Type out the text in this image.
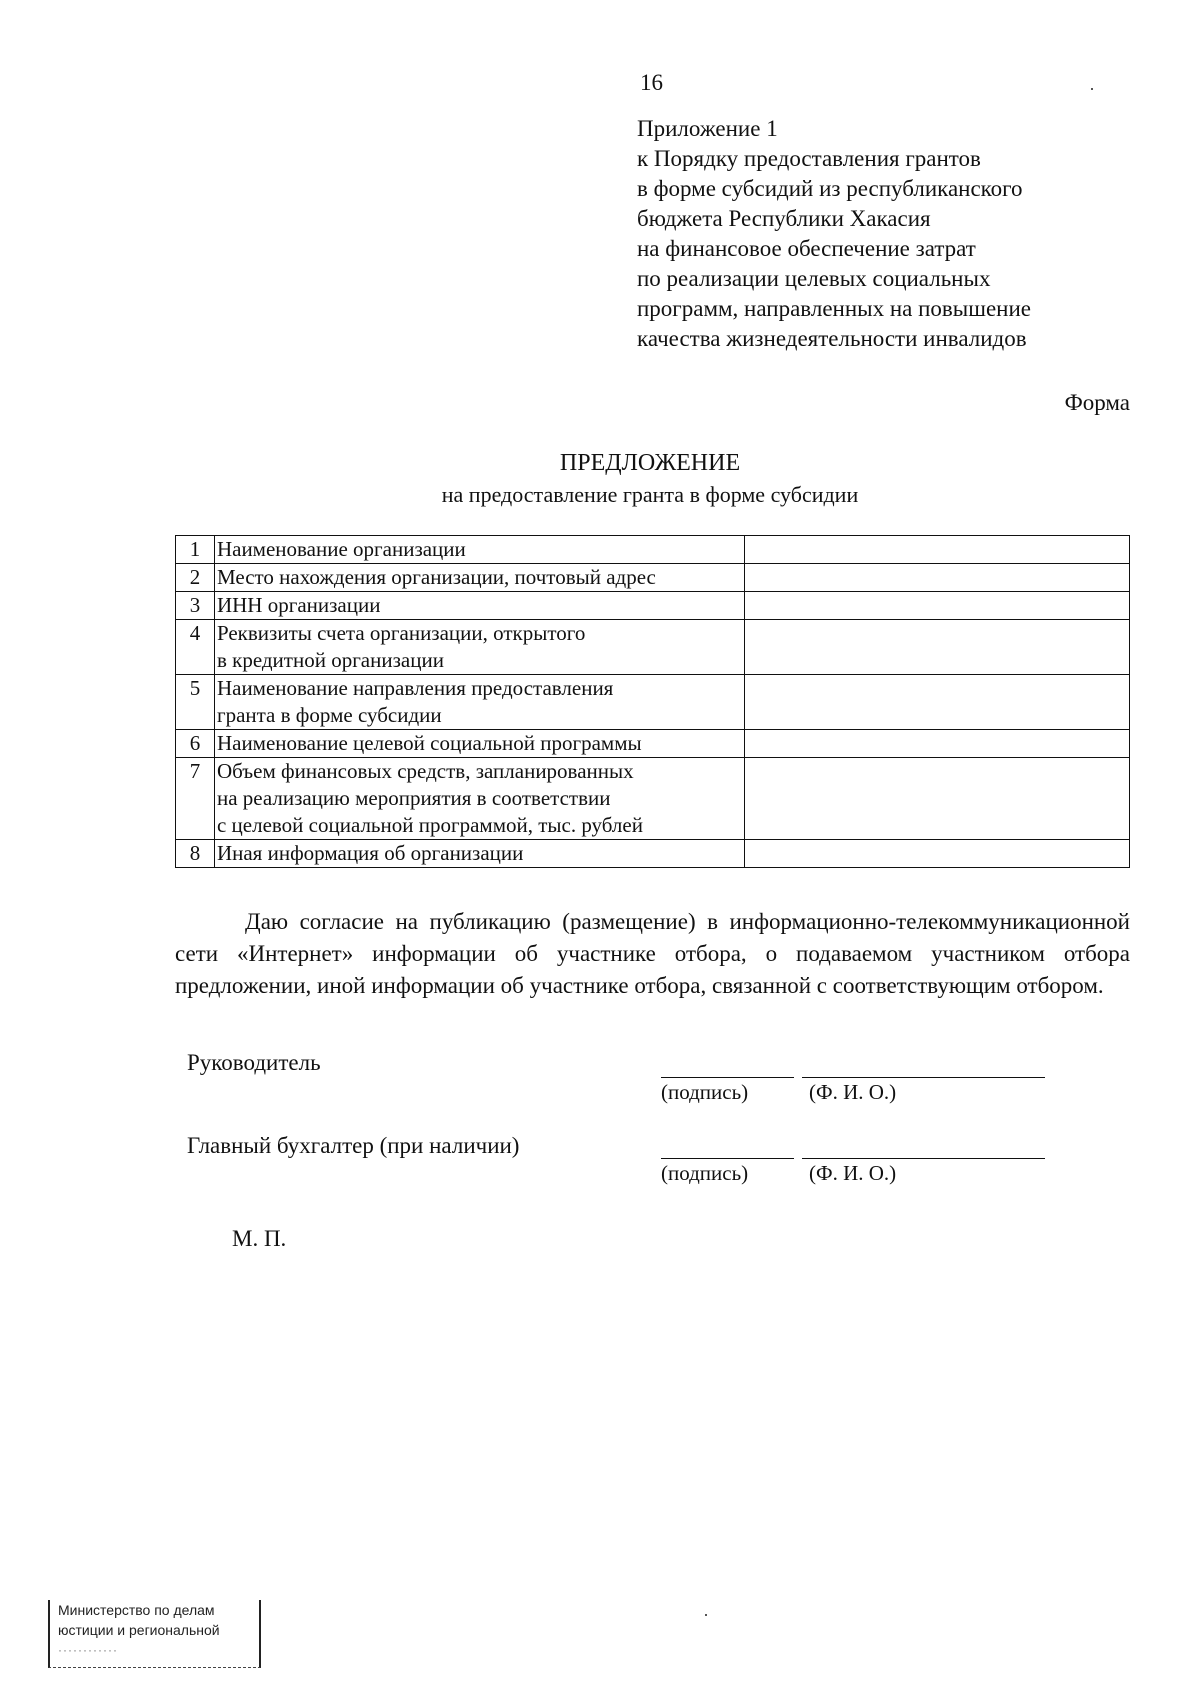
16
Приложение 1
к Порядку предоставления грантов
в форме субсидий из республиканского
бюджета Республики Хакасия
на финансовое обеспечение затрат
по реализации целевых социальных
программ, направленных на повышение
качества жизнедеятельности инвалидов
Форма
ПРЕДЛОЖЕНИЕ
на предоставление гранта в форме субсидии
1	Наименование организации	

2	Место нахождения организации, почтовый адрес	

3	ИНН организации	

4	Реквизиты счета организации, открытого
в кредитной организации	

5	Наименование направления предоставления
гранта в форме субсидии	

6	Наименование целевой социальной программы	

7	Объем финансовых средств, запланированных
на реализацию мероприятия в соответствии
с целевой социальной программой, тыс. рублей	

8	Иная информация об организации	

Даю согласие на публикацию (размещение) в информационно-телекоммуникационной сети «Интернет» информации об участнике отбора, о подаваемом участником отбора предложении, иной информации об участнике отбора, связанной с соответствующим отбором.
Руководитель
(подпись)	(Ф. И. О.)
Главный бухгалтер (при наличии)
(подпись)	(Ф. И. О.)
М. П.
Министерство по делам
юстиции и региональной
············
